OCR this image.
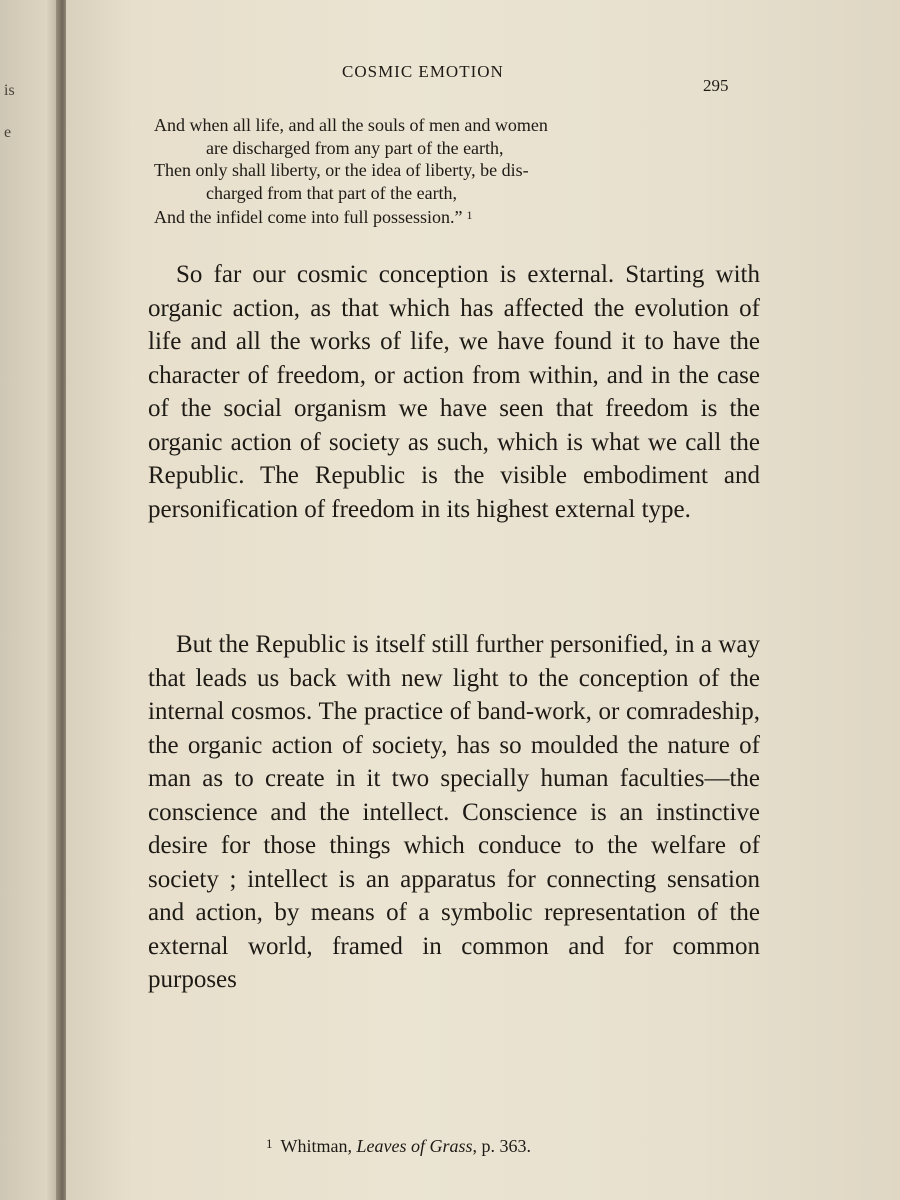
is
e
COSMIC EMOTION
295
And when all life, and all the souls of men and women
are discharged from any part of the earth,
Then only shall liberty, or the idea of liberty, be dis-
charged from that part of the earth,
And the infidel come into full possession.” $^1$

So far our cosmic conception is external. Starting with organic action, as that which has affected the evolution of life and all the works of life, we have found it to have the character of freedom, or action from within, and in the case of the social organism we have seen that freedom is the organic action of society as such, which is what we call the Republic. The Republic is the visible embodiment and personification of freedom in its highest external type.

But the Republic is itself still further personified, in a way that leads us back with new light to the conception of the internal cosmos. The practice of band-work, or comradeship, the organic action of society, has so moulded the nature of man as to create in it two specially human faculties—the conscience and the intellect. Conscience is an instinctive desire for those things which conduce to the welfare of society ; intellect is an apparatus for connecting sensation and action, by means of a symbolic representation of the external world, framed in common and for common purposes

$^1$ Whitman, Leaves of Grass, p. 363.
